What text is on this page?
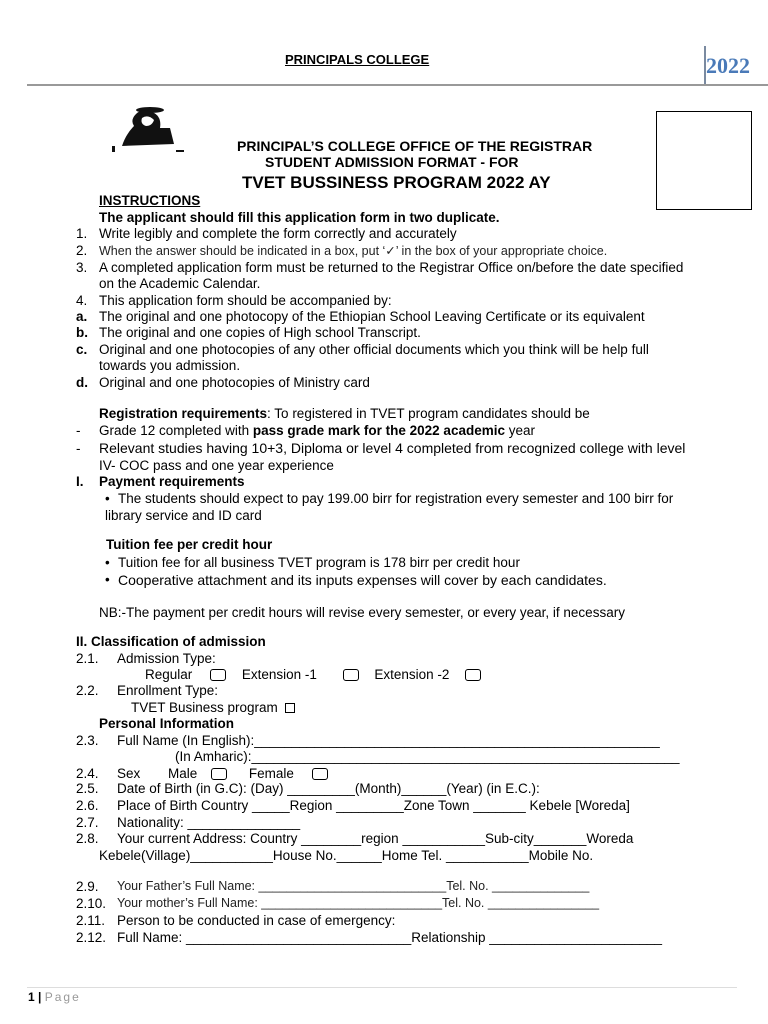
PRINCIPALS COLLEGE	2022
PRINCIPAL’S COLLEGE OFFICE OF THE REGISTRAR
STUDENT ADMISSION FORMAT - FOR
TVET BUSSINESS PROGRAM 2022 AY
INSTRUCTIONS
The applicant should fill this application form in two duplicate.
1. Write legibly and complete the form correctly and accurately
2. When the answer should be indicated in a box, put ‘✓’ in the box of your appropriate choice.
3. A completed application form must be returned to the Registrar Office on/before the date specified
on the Academic Calendar.
4. This application form should be accompanied by:
a. The original and one photocopy of the Ethiopian School Leaving Certificate or its equivalent
b. The original and one copies of High school Transcript.
c. Original and one photocopies of any other official documents which you think will be help full
towards you admission.
d. Original and one photocopies of Ministry card
Registration requirements: To registered in TVET program candidates should be
- Grade 12 completed with pass grade mark for the 2022 academic year
- Relevant studies having 10+3, Diploma or level 4 completed from recognized college with level
IV- COC pass and one year experience
I. Payment requirements
• The students should expect to pay 199.00 birr for registration every semester and 100 birr for
library service and ID card
Tuition fee per credit hour
• Tuition fee for all business TVET program is 178 birr per credit hour
• Cooperative attachment and its inputs expenses will cover by each candidates.
NB:-The payment per credit hours will revise every semester, or every year, if necessary
II. Classification of admission
2.1. Admission Type:
Regular	Extension -1	Extension -2
2.2. Enrollment Type:
TVET Business program
Personal Information
2.3. Full Name (In English):______________________________________________________
(In Amharic):_________________________________________________________
2.4. Sex Male	Female
2.5. Date of Birth (in G.C): (Day) _________(Month)______(Year) (in E.C.):
2.6. Place of Birth Country _____Region _________Zone Town _______ Kebele [Woreda]
2.7. Nationality: _______________
2.8. Your current Address: Country ________region ___________Sub-city_______Woreda
Kebele(Village)___________House No.______Home Tel. ___________Mobile No.
2.9. Your Father’s Full Name: ___________________________Tel. No. ______________
2.10. Your mother’s Full Name: __________________________Tel. No. ________________
2.11. Person to be conducted in case of emergency:
2.12. Full Name: ______________________________Relationship _______________________
1 | Page
